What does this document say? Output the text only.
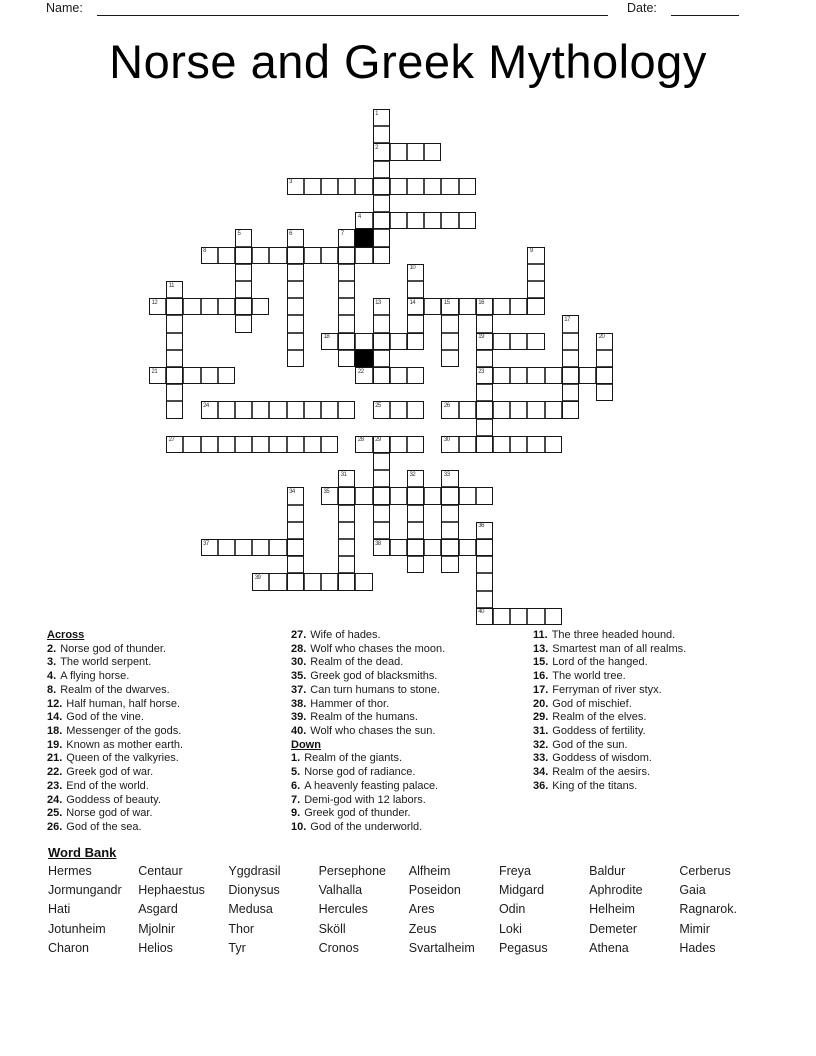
Name:	Date:
Norse and Greek Mythology
1
2
3
4
5	6	7
8	9
10
14
11
12	13	15	16
19
23
17
18	20
21	22
24	25	26
27	28 29
38
30
31	32	33
34	35
36
40
37
39
Across
2. Norse god of thunder.
3. The world serpent.
4. A flying horse.
8. Realm of the dwarves.
12. Half human, half horse.
14. God of the vine.
18. Messenger of the gods.
19. Known as mother earth.
21. Queen of the valkyries.
22. Greek god of war.
23. End of the world.
24. Goddess of beauty.
25. Norse god of war.
26. God of the sea.
27. Wife of hades.
28. Wolf who chases the moon.
30. Realm of the dead.
35. Greek god of blacksmiths.
37. Can turn humans to stone.
38. Hammer of thor.
39. Realm of the humans.
40. Wolf who chases the sun.
Down
1. Realm of the giants.
5. Norse god of radiance.
6. A heavenly feasting palace.
7. Demi-god with 12 labors.
9. Greek god of thunder.
10. God of the underworld.
11. The three headed hound.
13. Smartest man of all realms.
15. Lord of the hanged.
16. The world tree.
17. Ferryman of river styx.
20. God of mischief.
29. Realm of the elves.
31. Goddess of fertility.
32. God of the sun.
33. Goddess of wisdom.
34. Realm of the aesirs.
36. King of the titans.
Word Bank
Hermes	Centaur	Yggdrasil	Persephone	Alfheim	Freya	Baldur	Cerberus
Jormungandr	Hephaestus	Dionysus	Valhalla	Poseidon	Midgard	Aphrodite	Gaia
Hati	Asgard	Medusa	Hercules	Ares	Odin	Helheim	Ragnarok.
Jotunheim	Mjolnir	Thor	Sköll	Zeus	Loki	Demeter	Mimir
Charon	Helios	Tyr	Cronos	Svartalheim	Pegasus	Athena	Hades
